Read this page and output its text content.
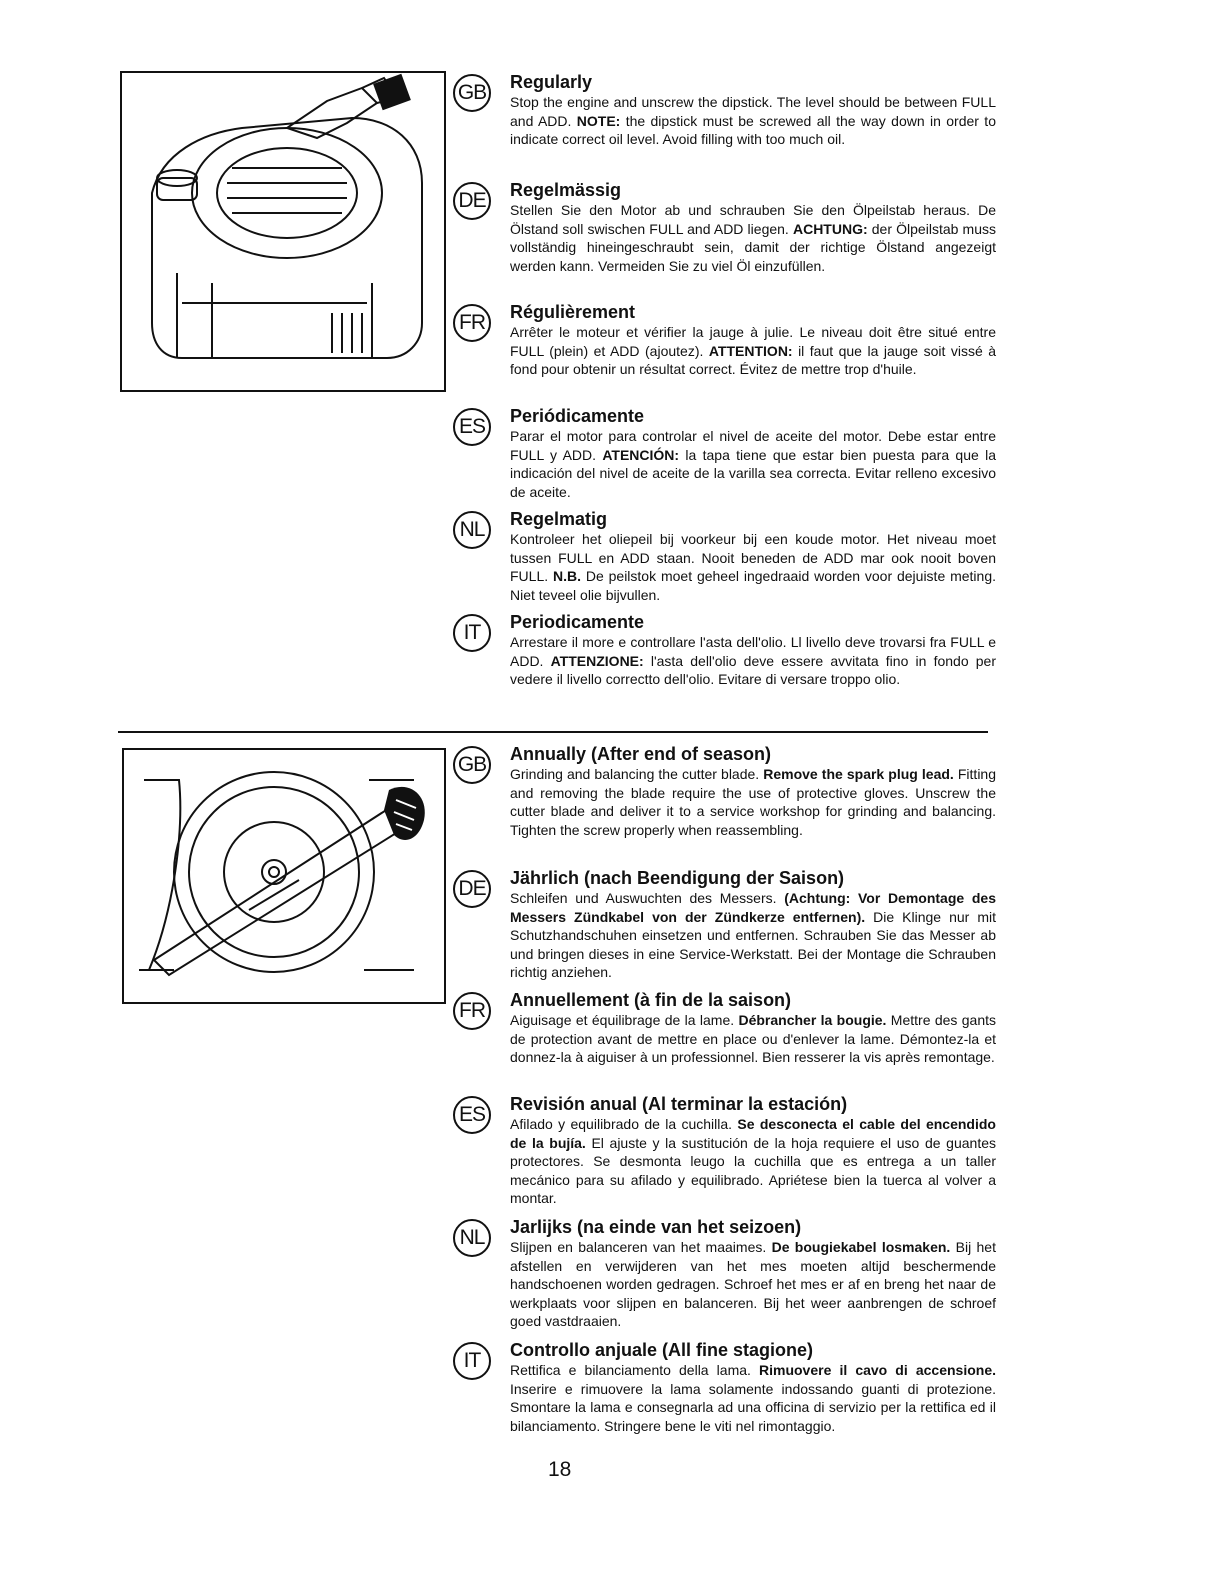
GB Regularly

Stop the engine and unscrew the dipstick. The level should be between FULL and ADD. NOTE: the dipstick must be screwed all the way down in order to indicate correct oil level. Avoid filling with too much oil.

DE	Regelmässig

Stellen Sie den Motor ab und schrauben Sie den Ölpeilstab heraus. De Ölstand soll swischen FULL and ADD liegen. ACHTUNG: der Ölpeilstab muss vollständig hineingeschraubt sein, damit der richtige Ölstand angezeigt werden kann. Vermeiden Sie zu viel Öl einzufüllen.

FR	Régulièrement

Arrêter le moteur et vérifier la jauge à julie. Le niveau doit être situé entre FULL (plein) et ADD (ajoutez). ATTENTION: il faut que la jauge soit vissé à fond pour obtenir un résultat correct. Évitez de mettre trop d'huile.

ES	Periódicamente

Parar el motor para controlar el nivel de aceite del motor. Debe estar entre FULL y ADD. ATENCIÓN: la tapa tiene que estar bien puesta para que la indicación del nivel de aceite de la varilla sea correcta. Evitar relleno excesivo de aceite.

NL	Regelmatig

Kontroleer het oliepeil bij voorkeur bij een koude motor. Het niveau moet tussen FULL en ADD staan. Nooit beneden de ADD mar ook nooit boven FULL. N.B. De peilstok moet geheel ingedraaid worden voor dejuiste meting. Niet teveel olie bijvullen.

IT	Periodicamente

Arrestare il more e controllare l'asta dell'olio. Ll livello deve trovarsi fra FULL e ADD. ATTENZIONE: l'asta dell'olio deve essere avvitata fino in fondo per vedere il livello correctto dell'olio. Evitare di versare troppo olio.

GB Annually (After end of season)

Grinding and balancing the cutter blade. Remove the spark plug lead. Fitting and removing the blade require the use of protective gloves. Unscrew the cutter blade and deliver it to a service workshop for grinding and balancing. Tighten the screw properly when reassembling.

DE	Jährlich (nach Beendigung der Saison)

Schleifen und Auswuchten des Messers. (Achtung: Vor Demontage des Messers Zündkabel von der Zündkerze entfernen). Die Klinge nur mit Schutzhandschuhen einsetzen und entfernen. Schrauben Sie das Messer ab und bringen dieses in eine Service-Werkstatt. Bei der Montage die Schrauben richtig anziehen.

FR	Annuellement (à fin de la saison)

Aiguisage et équilibrage de la lame. Débrancher la bougie. Mettre des gants de protection avant de mettre en place ou d'enlever la lame. Démontez-la et donnez-la à aiguiser à un professionnel. Bien resserer la vis après remontage.

ES	Revisión anual (Al terminar la estación)

Afilado y equilibrado de la cuchilla. Se desconecta el cable del encendido de la bujía. El ajuste y la sustitución de la hoja requiere el uso de guantes protectores. Se desmonta leugo la cuchilla que es entrega a un taller mecánico para su afilado y equilibrado. Apriétese bien la tuerca al volver a montar.

NL	Jarlijks (na einde van het seizoen)

Slijpen en balanceren van het maaimes. De bougiekabel losmaken. Bij het afstellen en verwijderen van het mes moeten altijd beschermende handschoenen worden gedragen. Schroef het mes er af en breng het naar de werkplaats voor slijpen en balanceren. Bij het weer aanbrengen de schroef goed vastdraaien.

IT	Controllo anjuale (All fine stagione)

Rettifica e bilanciamento della lama. Rimuovere il cavo di accensione. Inserire e rimuovere la lama solamente indossando guanti di protezione. Smontare la lama e consegnarla ad una officina di servizio per la rettifica ed il bilanciamento. Stringere bene le viti nel rimontaggio.

18
